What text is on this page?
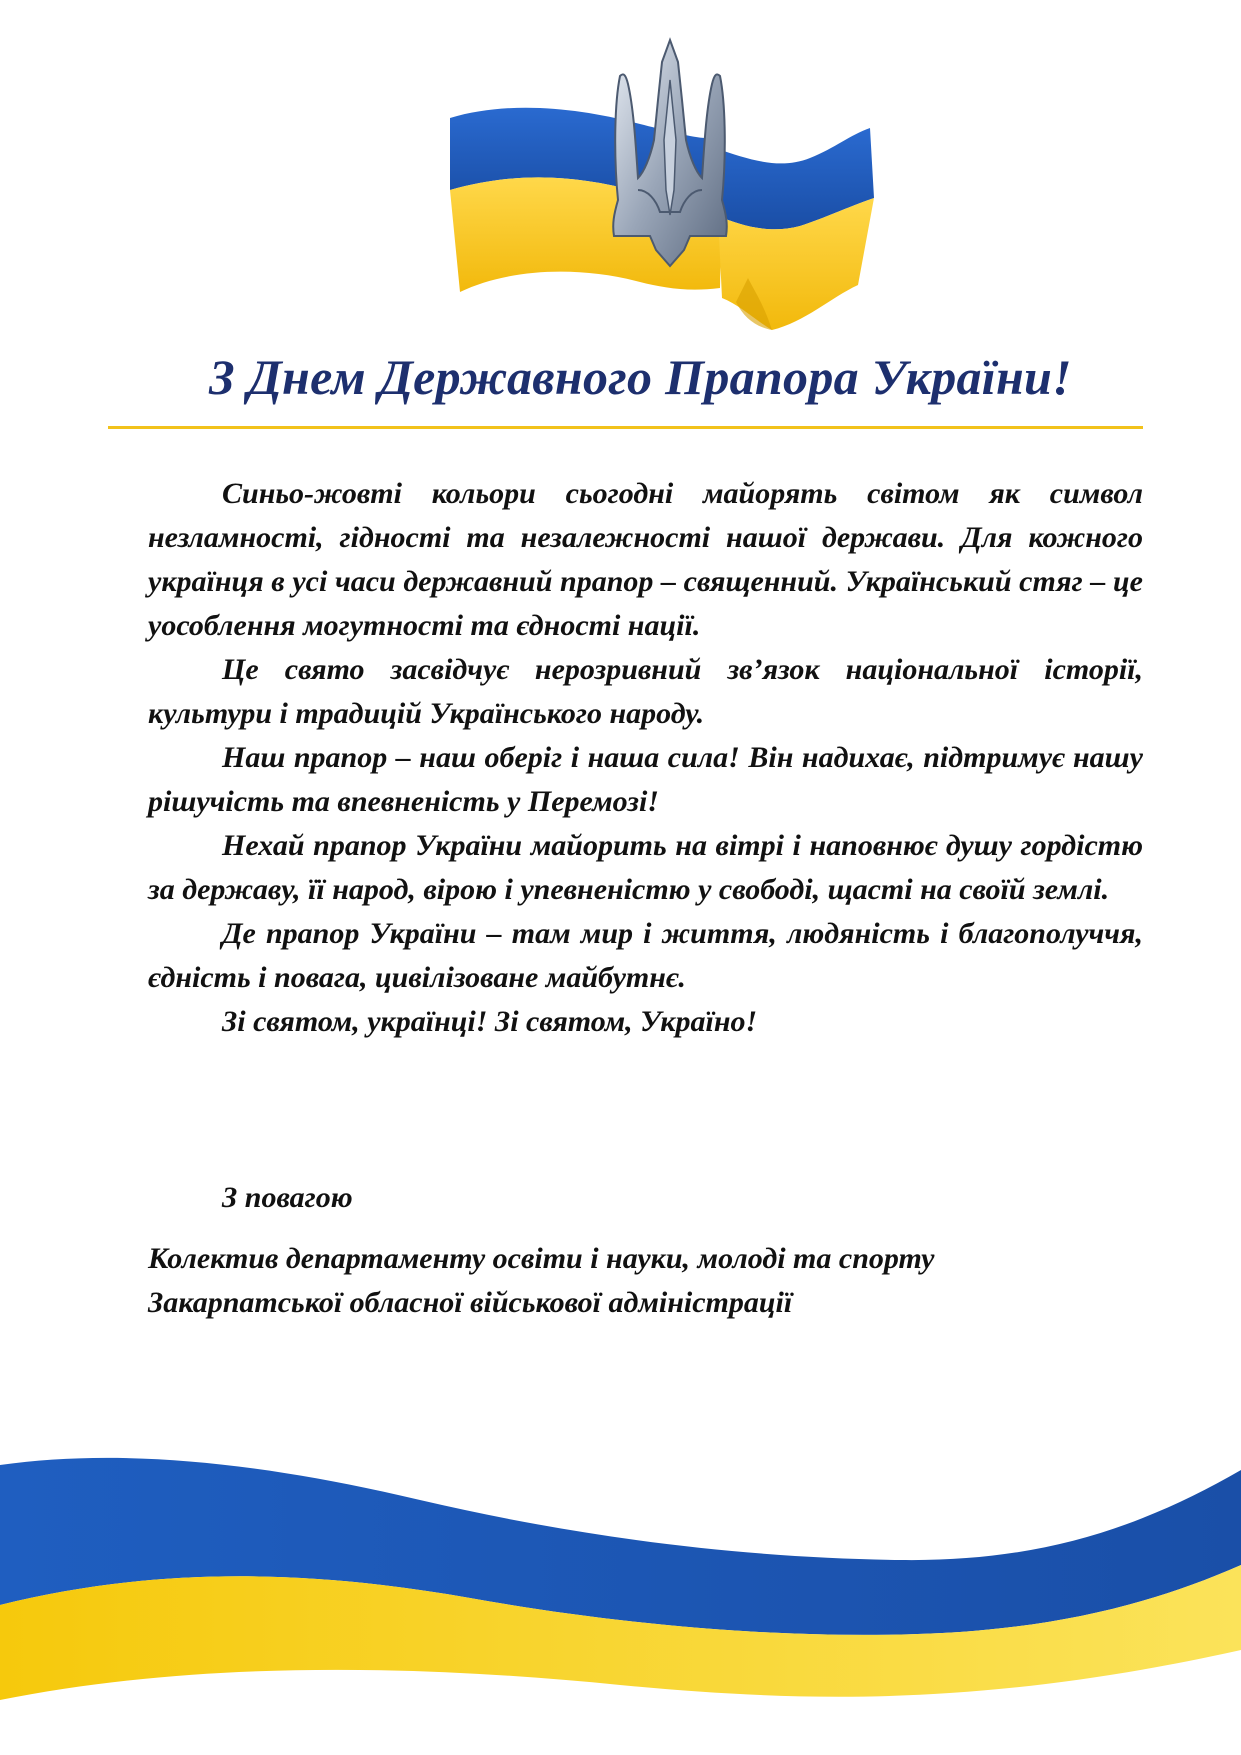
З Днем Державного Прапора України!

Синьо-жовті кольори сьогодні майорять світом як символ незламності, гідності та незалежності нашої держави. Для кожного українця в усі часи державний прапор – священний. Український стяг – це уособлення могутності та єдності нації.

Це свято засвідчує нерозривний зв’язок національної історії, культури і традицій Українського народу.

Наш прапор – наш оберіг і наша сила! Він надихає, підтримує нашу рішучість та впевненість у Перемозі!

Нехай прапор України майорить на вітрі і наповнює душу гордістю за державу, її народ, вірою і упевненістю у свободі, щасті на своїй землі.

Де прапор України – там мир і життя, людяність і благополуччя, єдність і повага, цивілізоване майбутнє.

Зі святом, українці! Зі святом, Україно!

З повагою
Колектив департаменту освіти і науки, молоді та спорту
Закарпатської обласної військової адміністрації
